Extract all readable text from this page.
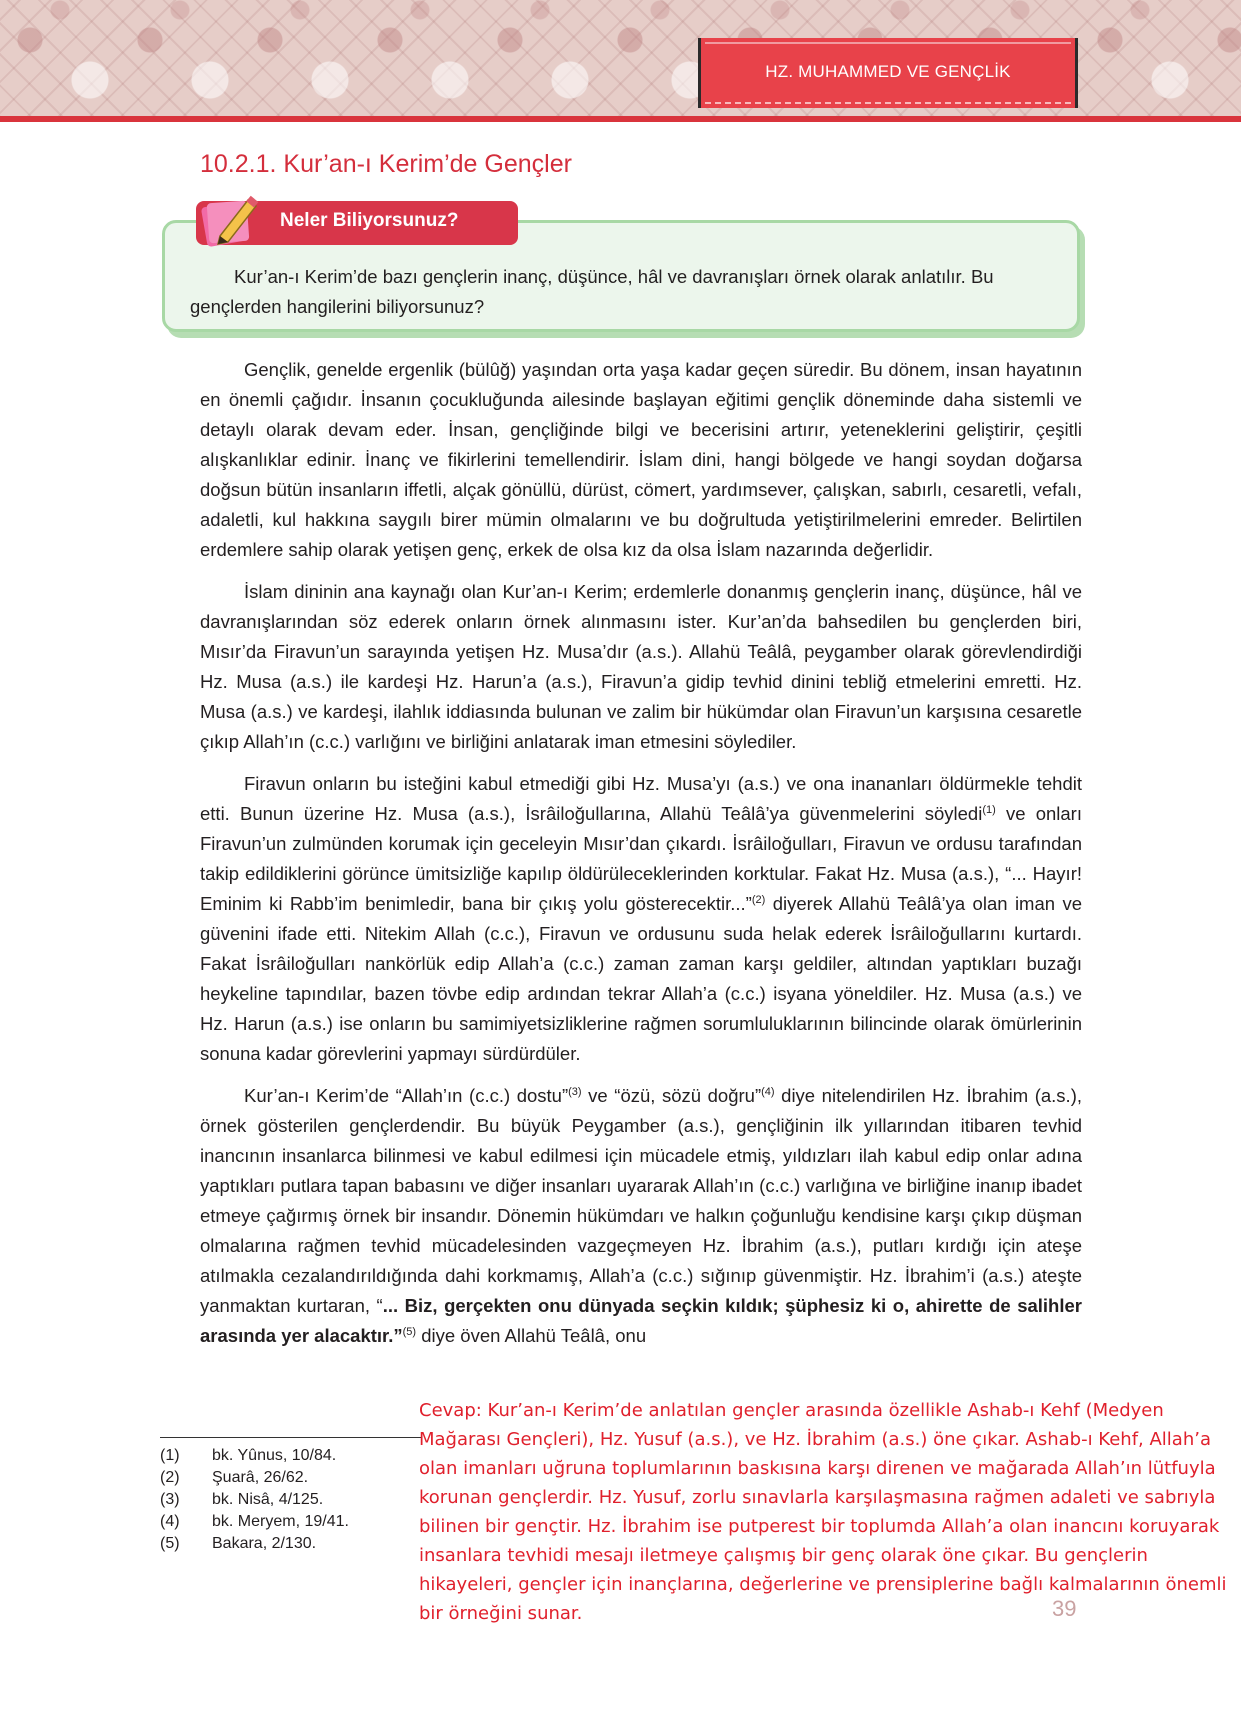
HZ. MUHAMMED VE GENÇLİK
10.2.1. Kur’an-ı Kerim’de Gençler
Neler Biliyorsunuz?
Kur’an-ı Kerim’de bazı gençlerin inanç, düşünce, hâl ve davranışları örnek olarak anlatılır. Bu gençlerden hangilerini biliyorsunuz?

Gençlik, genelde ergenlik (bülûğ) yaşından orta yaşa kadar geçen süredir. Bu dönem, insan hayatının en önemli çağıdır. İnsanın çocukluğunda ailesinde başlayan eğitimi gençlik döneminde daha sistemli ve detaylı olarak devam eder. İnsan, gençliğinde bilgi ve becerisini artırır, yeteneklerini geliştirir, çeşitli alışkanlıklar edinir. İnanç ve fikirlerini temellendirir. İslam dini, hangi bölgede ve hangi soydan doğarsa doğsun bütün insanların iffetli, alçak gönüllü, dürüst, cömert, yardımsever, çalışkan, sabırlı, cesaretli, vefalı, adaletli, kul hakkına saygılı birer mümin olmalarını ve bu doğrultuda yetiştirilmelerini emreder. Belirtilen erdemlere sahip olarak yetişen genç, erkek de olsa kız da olsa İslam nazarında değerlidir.

İslam dininin ana kaynağı olan Kur’an-ı Kerim; erdemlerle donanmış gençlerin inanç, düşünce, hâl ve davranışlarından söz ederek onların örnek alınmasını ister. Kur’an’da bahsedilen bu gençlerden biri, Mısır’da Firavun’un sarayında yetişen Hz. Musa’dır (a.s.). Allahü Teâlâ, peygamber olarak görevlendirdiği Hz. Musa (a.s.) ile kardeşi Hz. Harun’a (a.s.), Firavun’a gidip tevhid dinini tebliğ etmelerini emretti. Hz. Musa (a.s.) ve kardeşi, ilahlık iddiasında bulunan ve zalim bir hükümdar olan Firavun’un karşısına cesaretle çıkıp Allah’ın (c.c.) varlığını ve birliğini anlatarak iman etmesini söylediler.

Firavun onların bu isteğini kabul etmediği gibi Hz. Musa’yı (a.s.) ve ona inananları öldürmekle tehdit etti. Bunun üzerine Hz. Musa (a.s.), İsrâiloğullarına, Allahü Teâlâ’ya güvenmelerini söyledi$^{(1)}$ ve onları Firavun’un zulmünden korumak için geceleyin Mısır’dan çıkardı. İsrâiloğulları, Firavun ve ordusu tarafından takip edildiklerini görünce ümitsizliğe kapılıp öldürüleceklerinden korktular. Fakat Hz. Musa (a.s.), “... Hayır! Eminim ki Rabb’im benimledir, bana bir çıkış yolu gösterecektir...”$^{(2)}$ diyerek Allahü Teâlâ’ya olan iman ve güvenini ifade etti. Nitekim Allah (c.c.), Firavun ve ordusunu suda helak ederek İsrâiloğullarını kurtardı. Fakat İsrâiloğulları nankörlük edip Allah’a (c.c.) zaman zaman karşı geldiler, altından yaptıkları buzağı heykeline tapındılar, bazen tövbe edip ardından tekrar Allah’a (c.c.) isyana yöneldiler. Hz. Musa (a.s.) ve Hz. Harun (a.s.) ise onların bu samimiyetsizliklerine rağmen sorumluluklarının bilincinde olarak ömürlerinin sonuna kadar görevlerini yapmayı sürdürdüler.

Kur’an-ı Kerim’de “Allah’ın (c.c.) dostu”$^{(3)}$ ve “özü, sözü doğru”$^{(4)}$ diye nitelendirilen Hz. İbrahim (a.s.), örnek gösterilen gençlerdendir. Bu büyük Peygamber (a.s.), gençliğinin ilk yıllarından itibaren tevhid inancının insanlarca bilinmesi ve kabul edilmesi için mücadele etmiş, yıldızları ilah kabul edip onlar adına yaptıkları putlara tapan babasını ve diğer insanları uyararak Allah’ın (c.c.) varlığına ve birliğine inanıp ibadet etmeye çağırmış örnek bir insandır. Dönemin hükümdarı ve halkın çoğunluğu kendisine karşı çıkıp düşman olmalarına rağmen tevhid mücadelesinden vazgeçmeyen Hz. İbrahim (a.s.), putları kırdığı için ateşe atılmakla cezalandırıldığında dahi korkmamış, Allah’a (c.c.) sığınıp güvenmiştir. Hz. İbrahim’i (a.s.) ateşte yanmaktan kurtaran, “... Biz, gerçekten onu dünyada seçkin kıldık; şüphesiz ki o, ahirette de salihler arasında yer alacaktır.”$^{(5)}$ diye öven Allahü Teâlâ, onu

(1)	bk. Yûnus, 10/84.
(2)	Şuarâ, 26/62.
(3)	bk. Nisâ, 4/125.
(4)	bk. Meryem, 19/41.
(5)	Bakara, 2/130.
39
Cevap: Kur’an-ı Kerim’de anlatılan gençler arasında özellikle Ashab-ı Kehf (Medyen Mağarası Gençleri), Hz. Yusuf (a.s.), ve Hz. İbrahim (a.s.) öne çıkar. Ashab-ı Kehf, Allah’a olan imanları uğruna toplumlarının baskısına karşı direnen ve mağarada Allah’ın lütfuyla korunan gençlerdir. Hz. Yusuf, zorlu sınavlarla karşılaşmasına rağmen adaleti ve sabrıyla bilinen bir gençtir. Hz. İbrahim ise putperest bir toplumda Allah’a olan inancını koruyarak insanlara tevhidi mesajı iletmeye çalışmış bir genç olarak öne çıkar. Bu gençlerin hikayeleri, gençler için inançlarına, değerlerine ve prensiplerine bağlı kalmalarının önemli bir örneğini sunar.
